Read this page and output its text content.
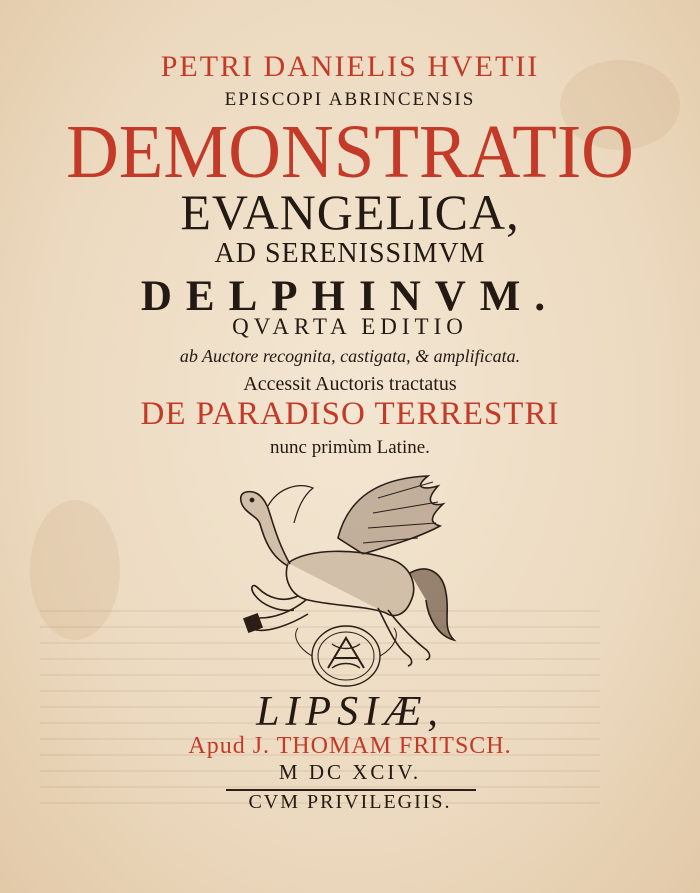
PETRI DANIELIS HVETII

EPISCOPI ABRINCENSIS

DEMONSTRATIO

EVANGELICA,

AD SERENISSIMVM

DELPHINVM.

QVARTA EDITIO

ab Auctore recognita, castigata, & amplificata.

Accessit Auctoris tractatus

DE PARADISO TERRESTRI

nunc primùm Latine.

LIPSIÆ,

Apud J. THOMAM FRITSCH.

M DC XCIV.

CVM PRIVILEGIIS.
